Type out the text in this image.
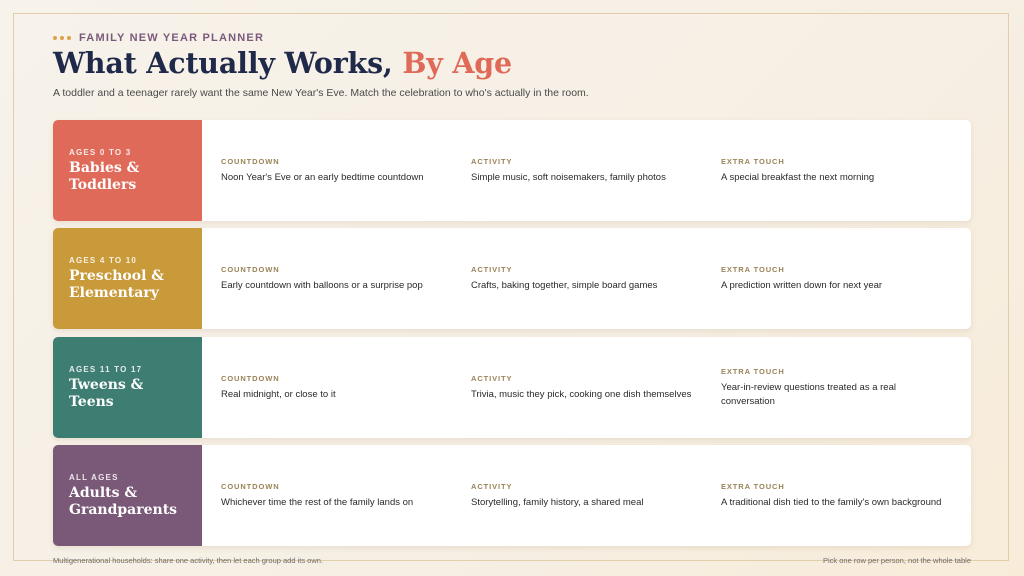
FAMILY NEW YEAR PLANNER
What Actually Works, By Age
A toddler and a teenager rarely want the same New Year's Eve. Match the celebration to who's actually in the room.
AGES 0 TO 3
Babies & Toddlers
COUNTDOWN
Noon Year's Eve or an early bedtime countdown
ACTIVITY
Simple music, soft noisemakers, family photos
EXTRA TOUCH
A special breakfast the next morning
AGES 4 TO 10
Preschool & Elementary
COUNTDOWN
Early countdown with balloons or a surprise pop
ACTIVITY
Crafts, baking together, simple board games
EXTRA TOUCH
A prediction written down for next year
AGES 11 TO 17
Tweens & Teens
COUNTDOWN
Real midnight, or close to it
ACTIVITY
Trivia, music they pick, cooking one dish themselves
EXTRA TOUCH
Year-in-review questions treated as a real conversation
ALL AGES
Adults & Grandparents
COUNTDOWN
Whichever time the rest of the family lands on
ACTIVITY
Storytelling, family history, a shared meal
EXTRA TOUCH
A traditional dish tied to the family's own background
Multigenerational households: share one activity, then let each group add its own.	Pick one row per person, not the whole table
